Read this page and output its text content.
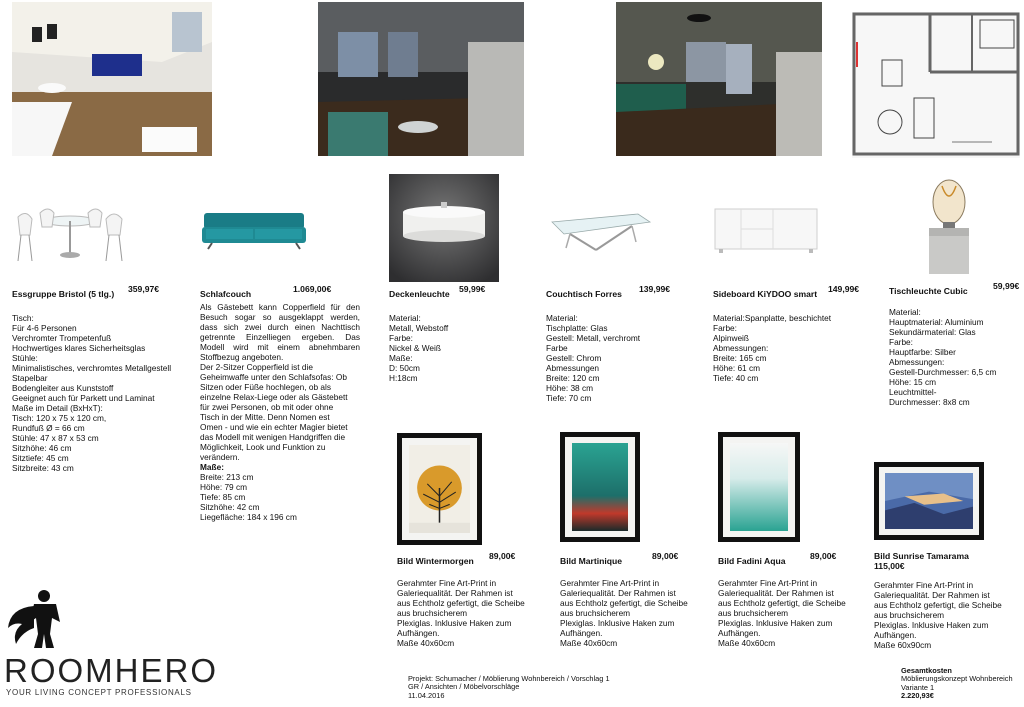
Essgruppe Bristol (5 tlg.) 359,97€
Tisch:
Für 4-6 Personen
Verchromter Trompetenfuß
Hochwertiges klares Sicherheitsglas
Stühle:
Minimalistisches, verchromtes Metallgestell
Stapelbar
Bodengleiter aus Kunststoff
Geeignet auch für Parkett und Laminat
Maße im Detail (BxHxT):
Tisch: 120 x 75 x 120 cm,
Rundfuß Ø = 66 cm
Stühle: 47 x 87 x 53 cm
Sitzhöhe: 46 cm
Sitztiefe: 45 cm
Sitzbreite: 43 cm
Schlafcouch	1.069,00€
Als Gästebett kann Copperfield für den Besuch sogar so ausgeklappt werden, dass sich zwei durch einen Nachttisch getrennte Einzelliegen ergeben. Das Modell wird mit einem abnehmbaren Stoffbezug angeboten.
Der 2-Sitzer Copperfield ist die
Geheimwaffe unter den Schlafsofas: Ob
Sitzen oder Füße hochlegen, ob als
einzelne Relax-Liege oder als Gästebett
für zwei Personen, ob mit oder ohne
Tisch in der Mitte. Denn Nomen est
Omen - und wie ein echter Magier bietet
das Modell mit wenigen Handgriffen die
Möglichkeit, Look und Funktion zu
verändern.
Maße:
Breite: 213 cm
Höhe: 79 cm
Tiefe: 85 cm
Sitzhöhe: 42 cm
Liegefläche: 184 x 196 cm
Deckenleuchte 59,99€
Material:
Metall, Webstoff
Farbe:
Nickel & Weiß
Maße:
D: 50cm
H:18cm
Couchtisch Forres 139,99€
Material:
Tischplatte: Glas
Gestell: Metall, verchromt
Farbe
Gestell: Chrom
Abmessungen
Breite: 120 cm
Höhe: 38 cm
Tiefe: 70 cm
Sideboard KiYDOO smart 149,99€
Material:Spanplatte, beschichtet
Farbe:
Alpinweiß
Abmessungen:
Breite: 165 cm
Höhe: 61 cm
Tiefe: 40 cm
Tischleuchte Cubic	59,99€
Material:
Hauptmaterial: Aluminium
Sekundärmaterial: Glas
Farbe:
Hauptfarbe: Silber
Abmessungen:
Gestell-Durchmesser: 6,5 cm
Höhe: 15 cm
Leuchtmittel-
Durchmesser: 8x8 cm
Bild Wintermorgen 89,00€
Gerahmter Fine Art-Print in
Galeriequalität. Der Rahmen ist
aus Echtholz gefertigt, die Scheibe
aus bruchsicherem
Plexiglas. Inklusive Haken zum
Aufhängen.
Maße 40x60cm
Bild Martinique	89,00€
Gerahmter Fine Art-Print in
Galeriequalität. Der Rahmen ist
aus Echtholz gefertigt, die Scheibe
aus bruchsicherem
Plexiglas. Inklusive Haken zum
Aufhängen.
Maße 40x60cm
Bild Fadini Aqua	89,00€
Gerahmter Fine Art-Print in
Galeriequalität. Der Rahmen ist
aus Echtholz gefertigt, die Scheibe
aus bruchsicherem
Plexiglas. Inklusive Haken zum
Aufhängen.
Maße 40x60cm
Bild Sunrise Tamarama
115,00€
Gerahmter Fine Art-Print in
Galeriequalität. Der Rahmen ist
aus Echtholz gefertigt, die Scheibe
aus bruchsicherem
Plexiglas. Inklusive Haken zum
Aufhängen.
Maße 60x90cm
ROOMHERO
YOUR LIVING CONCEPT PROFESSIONALS
Projekt: Schumacher / Möblierung Wohnbereich / Vorschlag 1
GR / Ansichten / Möbelvorschläge
11.04.2016
Gesamtkosten
Möblierungskonzept Wohnbereich
Variante 1
2.220,93€
